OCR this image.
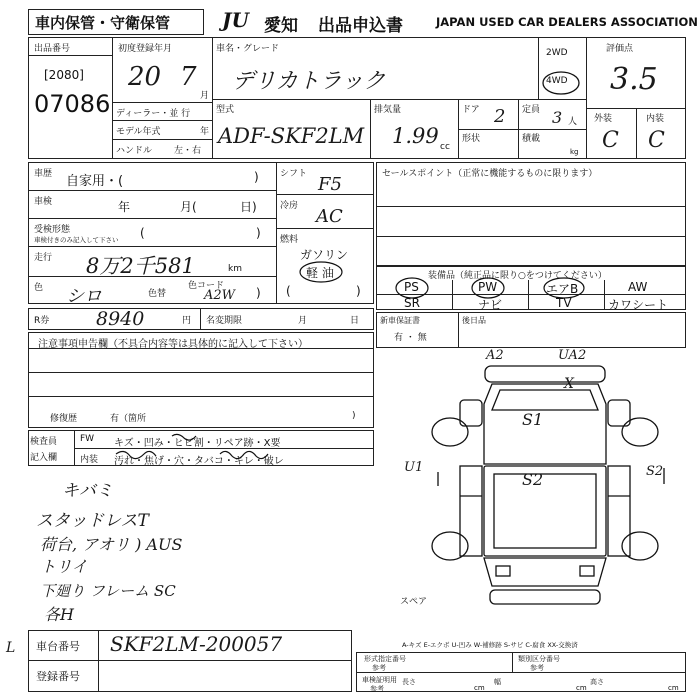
車内保管・守衛保管	JU 愛知 出品申込書	JAPAN USED CAR DEALERS ASSOCIATION
出品番号
[2080]
07086
初度登録年月
20 7
月
ディーラー・並 行
モデル年式	年
ハンドル 左・右
車名・グレード
デリカトラック
2WD
4WD
型式
ADF-SKF2LM
排気量
1.99 cc
ドア 2 定員 3 人
形状	積載
kg
評価点
3.5
外装	内装
C C
車歴 自家用・(	)
車検	年	月(	日)
受検形態
車検付きのみ記入して下さい (	)
走行 8万2千581	km
色 シロ	色替
色コード
A2W )
シフト F5
冷房 AC
燃料
ガソリン
軽 油
(	)
セールスポイント（正常に機能するものに限ります）
装備品（純正品に限り○をつけてください）
PS	PW	エアB	AW
SR	ナビ	TV	カワシート
R券 8940	円 名変期限	月	日	新車保証書
有 ・ 無
後日品
注意事項申告欄（不具合内容等は具体的に記入して下さい）
修復歴	有（箇所	)
検査員
記入欄
FW キズ・凹み・ヒビ割・リペア跡・X要
内装 汚れ・焦げ・穴・タバコ・キレ・破レ
キバミ
スタッドレスT
荷台, アオリ ) AUS
トリイ
下廻り フレーム SC
各H
A2	UA2
X
S1
S2	S2
U1
スペア
A-キズ E-エクボ U-凹み W-補修跡 S-サビ C-腐食 XX-交換済
L 車台番号 SKF2LM-200057
登録番号
形式指定番号
参考
類別区分番号
参考
車検証明用
参考
長さ
cm
幅
cm
高さ
cm
